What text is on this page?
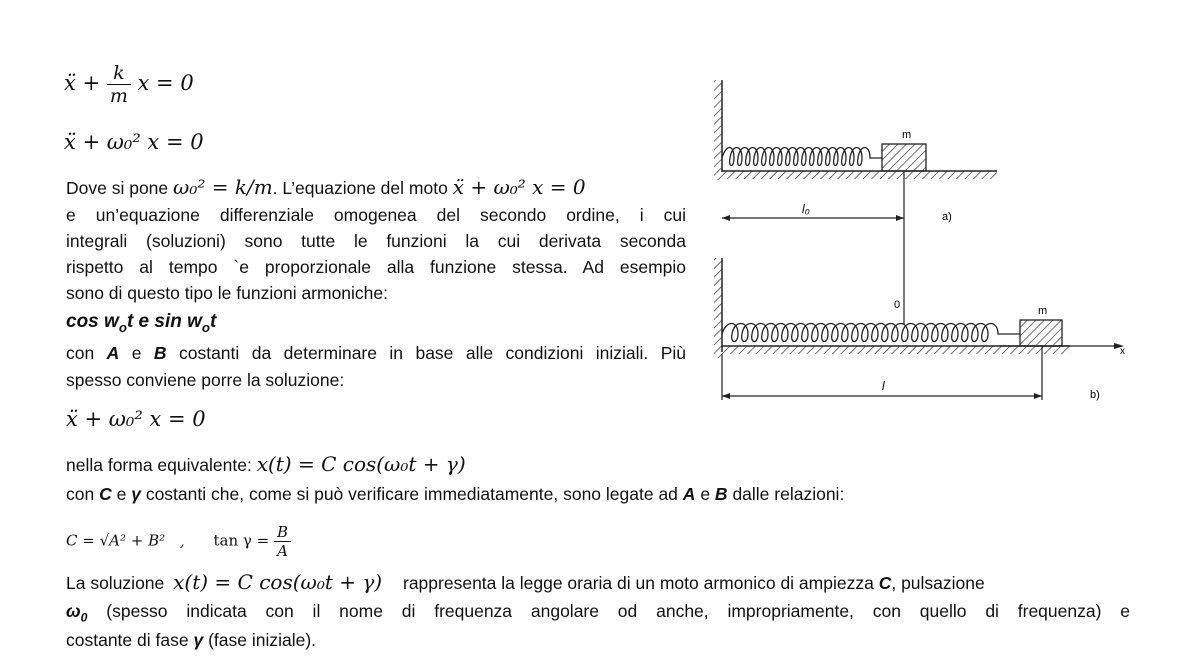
ẍ + $\frac{k}{m}$ x = 0
ẍ + ω₀² x = 0
Dove si pone ω₀² = k/m. L’equazione del moto ẍ + ω₀² x = 0
e un’equazione differenziale omogenea del secondo ordine, i cui
integrali (soluzioni) sono tutte le funzioni la cui derivata seconda
rispetto al tempo `e proporzionale alla funzione stessa. Ad esempio
sono di questo tipo le funzioni armoniche:
$\cos w_ot$ e $\sin w_ot$
con A e B costanti da determinare in base alle condizioni iniziali. Più
spesso conviene porre la soluzione:
ẍ + ω₀² x = 0
nella forma equivalente: x(t) = C cos(ω₀t + γ)
con C e γ costanti che, come si può verificare immediatamente, sono legate ad A e B dalle relazioni:
C = √A² + B² , $\tan \gamma = \frac{B}{A}$
La soluzione x(t) = C cos(ω₀t + γ) rappresenta la legge oraria di un moto armonico di ampiezza C, pulsazione
$\omega_0$ (spesso indicata con il nome di frequenza angolare od anche, impropriamente, con quello di frequenza) e
costante di fase γ (fase iniziale).
m
l₀
a)
x
m
0
l
b)
